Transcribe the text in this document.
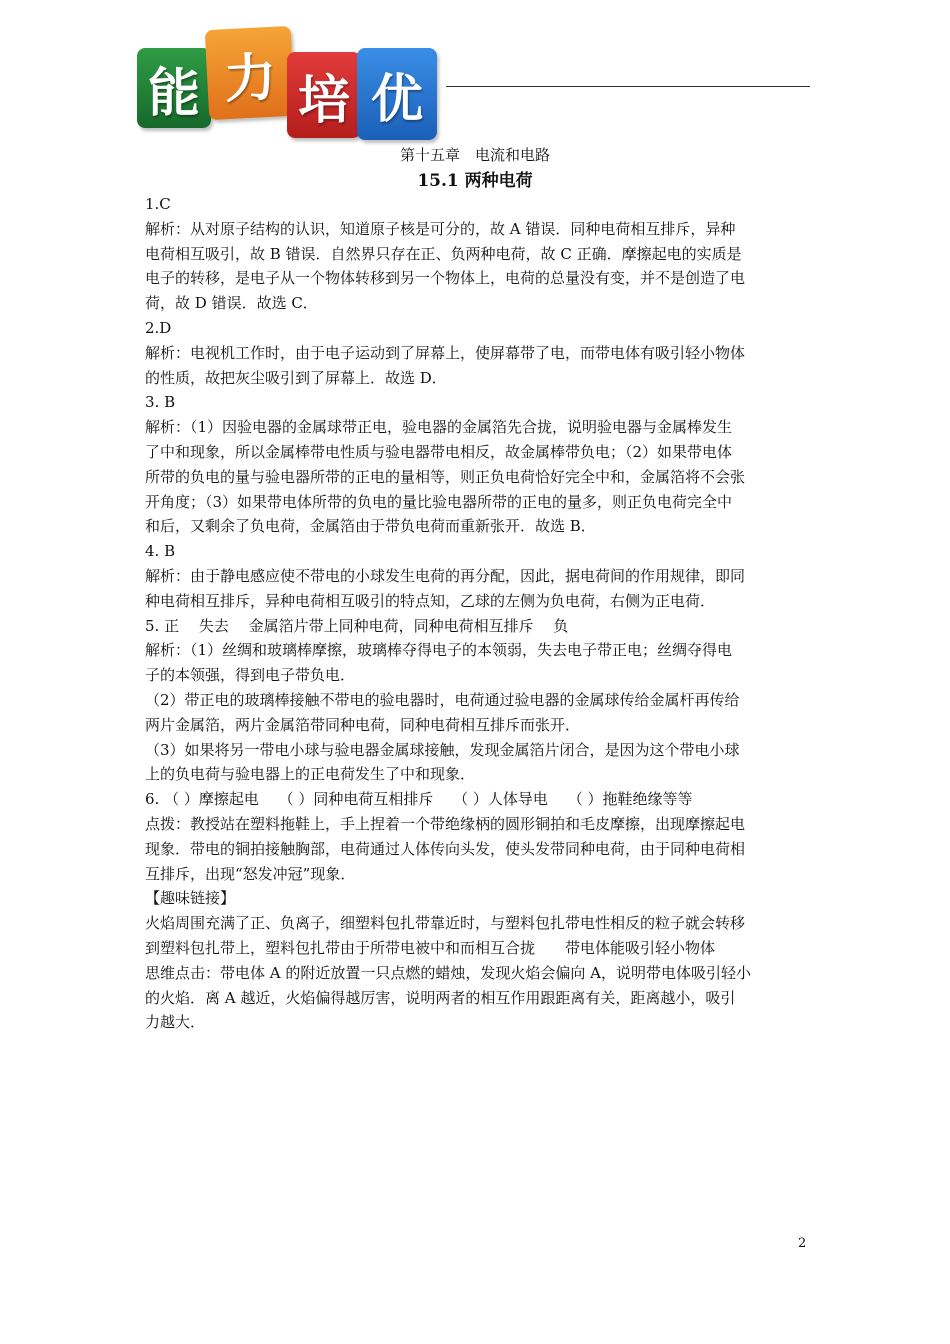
能 力 培 优
第十五章　电流和电路
15.1 两种电荷

1.C

解析：从对原子结构的认识，知道原子核是可分的，故 A 错误．同种电荷相互排斥，异种

电荷相互吸引，故 B 错误．自然界只存在正、负两种电荷，故 C 正确．摩擦起电的实质是

电子的转移，是电子从一个物体转移到另一个物体上，电荷的总量没有变，并不是创造了电

荷，故 D 错误．故选 C．

2.D

解析：电视机工作时，由于电子运动到了屏幕上，使屏幕带了电，而带电体有吸引轻小物体

的性质，故把灰尘吸引到了屏幕上．故选 D．

3. B

解析：（1）因验电器的金属球带正电，验电器的金属箔先合拢，说明验电器与金属棒发生

了中和现象，所以金属棒带电性质与验电器带电相反，故金属棒带负电；（2）如果带电体

所带的负电的量与验电器所带的正电的量相等，则正负电荷恰好完全中和，金属箔将不会张

开角度；（3）如果带电体所带的负电的量比验电器所带的正电的量多，则正负电荷完全中

和后，又剩余了负电荷，金属箔由于带负电荷而重新张开．故选 B．

4. B

解析：由于静电感应使不带电的小球发生电荷的再分配，因此，据电荷间的作用规律，即同

种电荷相互排斥，异种电荷相互吸引的特点知，乙球的左侧为负电荷，右侧为正电荷．

5. 正　 失去　 金属箔片带上同种电荷，同种电荷相互排斥　 负

解析：（1）丝绸和玻璃棒摩擦，玻璃棒夺得电子的本领弱，失去电子带正电；丝绸夺得电

子的本领强，得到电子带负电．

（2）带正电的玻璃棒接触不带电的验电器时，电荷通过验电器的金属球传给金属杆再传给

两片金属箔，两片金属箔带同种电荷，同种电荷相互排斥而张开．

（3）如果将另一带电小球与验电器金属球接触，发现金属箔片闭合，是因为这个带电小球

上的负电荷与验电器上的正电荷发生了中和现象．

6. （ ）摩擦起电　 （ ）同种电荷互相排斥　 （ ）人体导电　 （ ）拖鞋绝缘等等

点拨：教授站在塑料拖鞋上，手上捏着一个带绝缘柄的圆形铜拍和毛皮摩擦，出现摩擦起电

现象．带电的铜拍接触胸部，电荷通过人体传向头发，使头发带同种电荷，由于同种电荷相

互排斥，出现“怒发冲冠”现象．

【趣味链接】

火焰周围充满了正、负离子，细塑料包扎带靠近时，与塑料包扎带电性相反的粒子就会转移

到塑料包扎带上，塑料包扎带由于所带电被中和而相互合拢　　带电体能吸引轻小物体

思维点击：带电体 A 的附近放置一只点燃的蜡烛，发现火焰会偏向 A，说明带电体吸引轻小

的火焰．离 A 越近，火焰偏得越厉害，说明两者的相互作用跟距离有关，距离越小，吸引

力越大．

2
